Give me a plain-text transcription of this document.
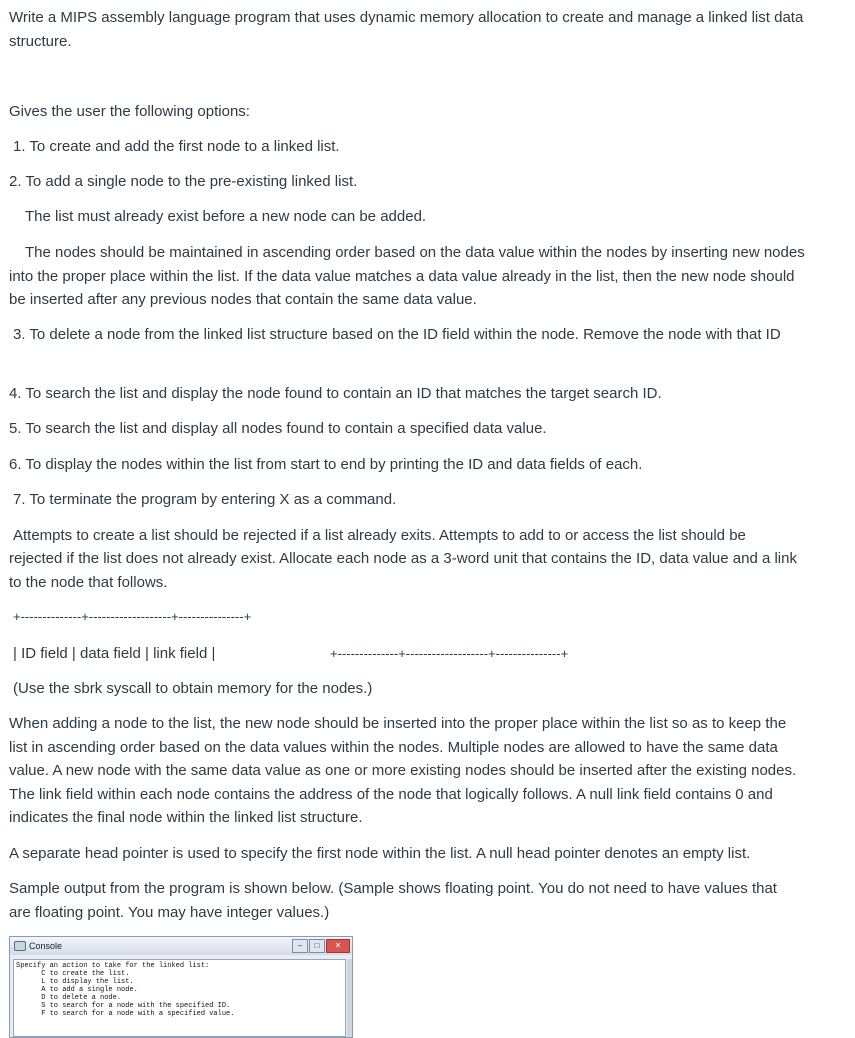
Write a MIPS assembly language program that uses dynamic memory allocation to create and manage a linked list data
structure.
Gives the user the following options:
1. To create and add the first node to a linked list.
2. To add a single node to the pre-existing linked list.
The list must already exist before a new node can be added.
The nodes should be maintained in ascending order based on the data value within the nodes by inserting new nodes
into the proper place within the list. If the data value matches a data value already in the list, then the new node should
be inserted after any previous nodes that contain the same data value.
3. To delete a node from the linked list structure based on the ID field within the node. Remove the node with that ID
4. To search the list and display the node found to contain an ID that matches the target search ID.
5. To search the list and display all nodes found to contain a specified data value.
6. To display the nodes within the list from start to end by printing the ID and data fields of each.
7. To terminate the program by entering X as a command.
Attempts to create a list should be rejected if a list already exits. Attempts to add to or access the list should be
rejected if the list does not already exist. Allocate each node as a 3-word unit that contains the ID, data value and a link
to the node that follows.
+--------------+-------------------+---------------+
| ID field | data field | link field |	+--------------+-------------------+---------------+
(Use the sbrk syscall to obtain memory for the nodes.)
When adding a node to the list, the new node should be inserted into the proper place within the list so as to keep the
list in ascending order based on the data values within the nodes. Multiple nodes are allowed to have the same data
value. A new node with the same data value as one or more existing nodes should be inserted after the existing nodes.
The link field within each node contains the address of the node that logically follows. A null link field contains 0 and
indicates the final node within the linked list structure.
A separate head pointer is used to specify the first node within the list. A null head pointer denotes an empty list.
Sample output from the program is shown below. (Sample shows floating point. You do not need to have values that
are floating point. You may have integer values.)
Console	–	□	✕
Specify an action to take for the linked list:
C to create the list.
L to display the list.
A to add a single node.
D to delete a node.
S to search for a node with the specified ID.
F to search for a node with a specified value.
